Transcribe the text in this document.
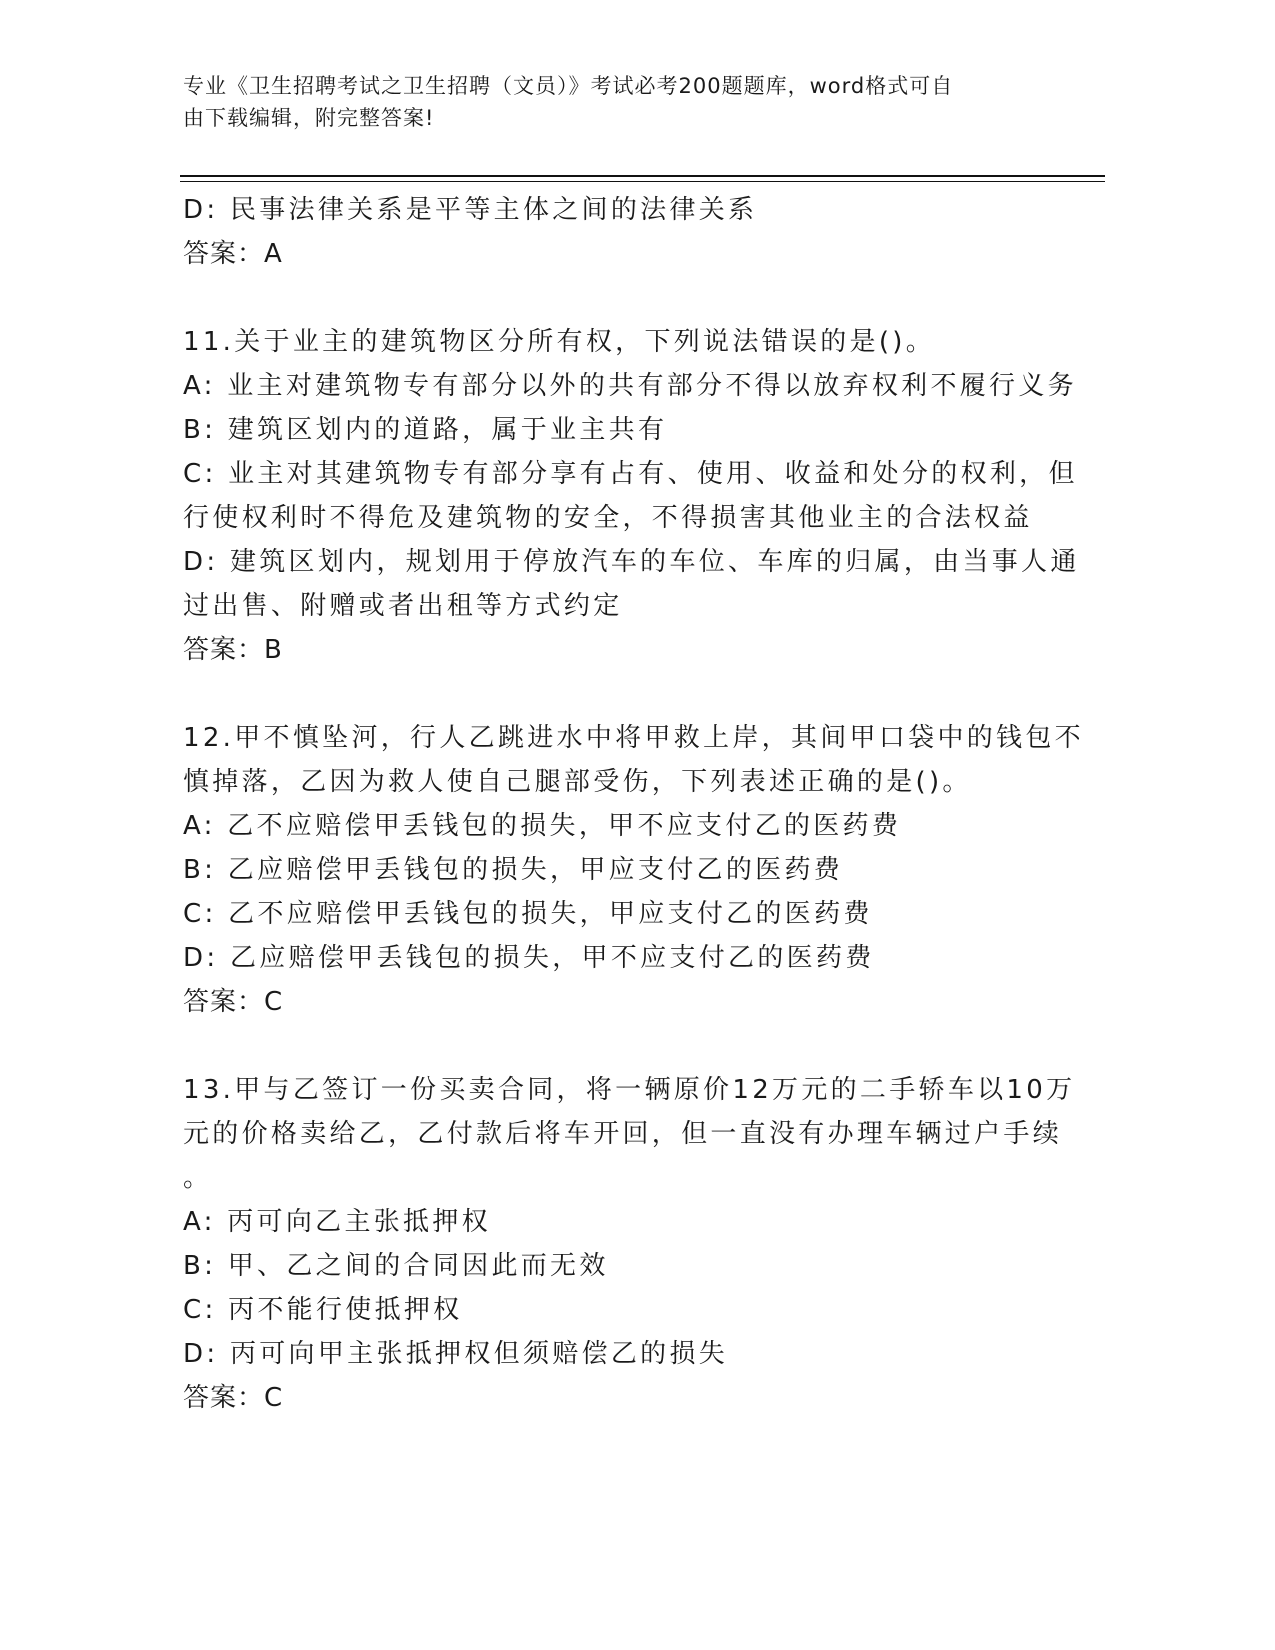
专业《卫生招聘考试之卫生招聘（文员）》考试必考200题题库，word格式可自
由下载编辑，附完整答案!
D: 民事法律关系是平等主体之间的法律关系
答案：A
11.关于业主的建筑物区分所有权，下列说法错误的是()。
A: 业主对建筑物专有部分以外的共有部分不得以放弃权利不履行义务
B: 建筑区划内的道路，属于业主共有
C: 业主对其建筑物专有部分享有占有、使用、收益和处分的权利，但
行使权利时不得危及建筑物的安全，不得损害其他业主的合法权益
D: 建筑区划内，规划用于停放汽车的车位、车库的归属，由当事人通
过出售、附赠或者出租等方式约定
答案：B
12.甲不慎坠河，行人乙跳进水中将甲救上岸，其间甲口袋中的钱包不
慎掉落，乙因为救人使自己腿部受伤，下列表述正确的是()。
A: 乙不应赔偿甲丢钱包的损失，甲不应支付乙的医药费
B: 乙应赔偿甲丢钱包的损失，甲应支付乙的医药费
C: 乙不应赔偿甲丢钱包的损失，甲应支付乙的医药费
D: 乙应赔偿甲丢钱包的损失，甲不应支付乙的医药费
答案：C
13.甲与乙签订一份买卖合同，将一辆原价12万元的二手轿车以10万
元的价格卖给乙，乙付款后将车开回，但一直没有办理车辆过户手续
。
A: 丙可向乙主张抵押权
B: 甲、乙之间的合同因此而无效
C: 丙不能行使抵押权
D: 丙可向甲主张抵押权但须赔偿乙的损失
答案：C
